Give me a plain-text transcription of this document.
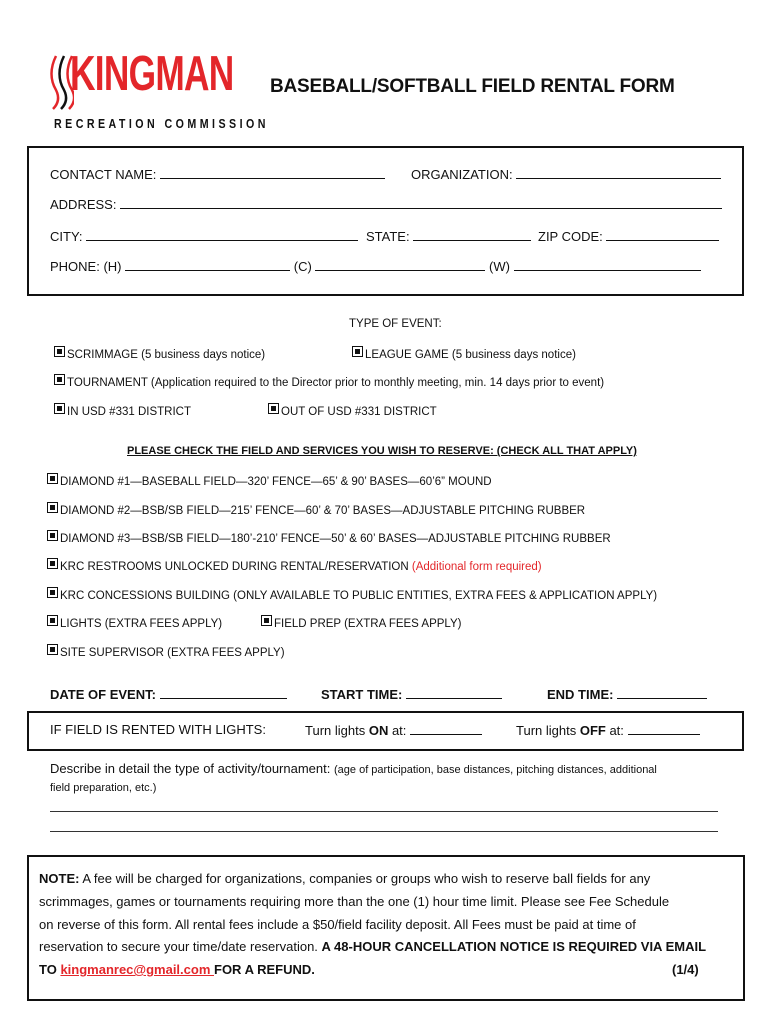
KINGMAN
RECREATION COMMISSION
BASEBALL/SOFTBALL FIELD RENTAL FORM
CONTACT NAME:	ORGANIZATION:
ADDRESS:
CITY:	STATE:	ZIP CODE:
PHONE: (H)	(C)	(W)
TYPE OF EVENT:
SCRIMMAGE (5 business days notice)	LEAGUE GAME (5 business days notice)
TOURNAMENT (Application required to the Director prior to monthly meeting, min. 14 days prior to event)
IN USD #331 DISTRICT	OUT OF USD #331 DISTRICT
PLEASE CHECK THE FIELD AND SERVICES YOU WISH TO RESERVE: (CHECK ALL THAT APPLY)
DIAMOND #1—BASEBALL FIELD—320’ FENCE—65’ & 90’ BASES—60’6” MOUND
DIAMOND #2—BSB/SB FIELD—215’ FENCE—60’ & 70’ BASES—ADJUSTABLE PITCHING RUBBER
DIAMOND #3—BSB/SB FIELD—180’-210’ FENCE—50’ & 60’ BASES—ADJUSTABLE PITCHING RUBBER
KRC RESTROOMS UNLOCKED DURING RENTAL/RESERVATION (Additional form required)
KRC CONCESSIONS BUILDING (ONLY AVAILABLE TO PUBLIC ENTITIES, EXTRA FEES & APPLICATION APPLY)
LIGHTS (EXTRA FEES APPLY)	FIELD PREP (EXTRA FEES APPLY)
SITE SUPERVISOR (EXTRA FEES APPLY)
DATE OF EVENT:	START TIME:	END TIME:
IF FIELD IS RENTED WITH LIGHTS:	Turn lights ON at:	Turn lights OFF at:
Describe in detail the type of activity/tournament: (age of participation, base distances, pitching distances, additional
field preparation, etc.)
NOTE: A fee will be charged for organizations, companies or groups who wish to reserve ball fields for any
scrimmages, games or tournaments requiring more than the one (1) hour time limit. Please see Fee Schedule
on reverse of this form. All rental fees include a $50/field facility deposit. All Fees must be paid at time of
reservation to secure your time/date reservation. A 48-HOUR CANCELLATION NOTICE IS REQUIRED VIA EMAIL
TO kingmanrec@gmail.com FOR A REFUND.	(1/4)
